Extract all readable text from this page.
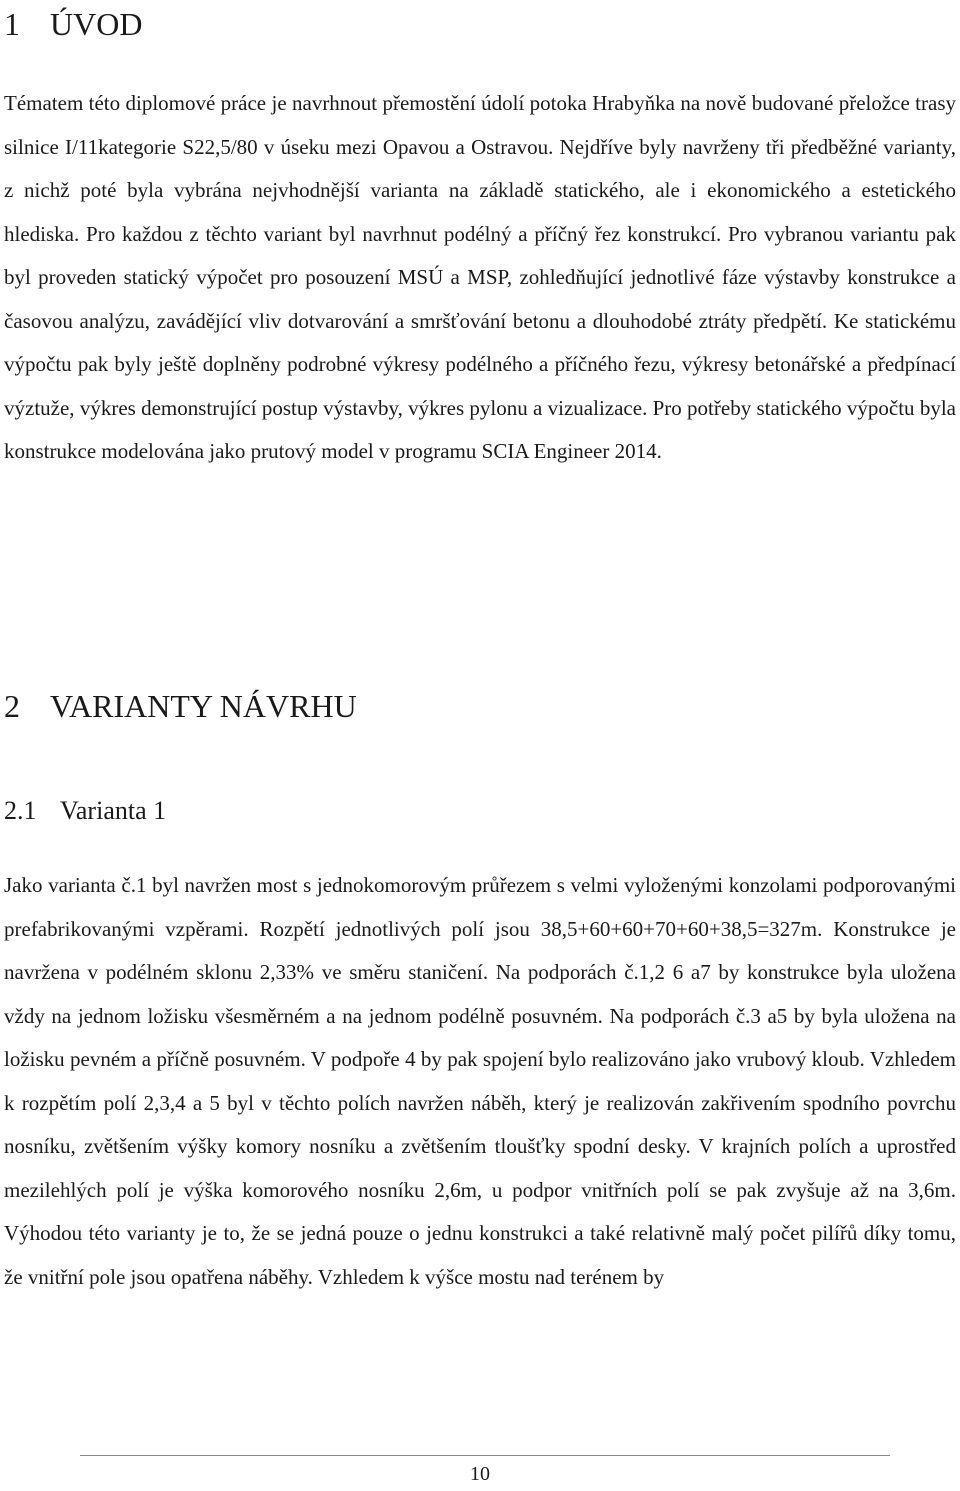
1 ÚVOD

Tématem této diplomové práce je navrhnout přemostění údolí potoka Hrabyňka na nově budované přeložce trasy silnice I/11kategorie S22,5/80 v úseku mezi Opavou a Ostravou. Nejdříve byly navrženy tři předběžné varianty, z nichž poté byla vybrána nejvhodnější varianta na základě statického, ale i ekonomického a estetického hlediska. Pro každou z těchto variant byl navrhnut podélný a příčný řez konstrukcí. Pro vybranou variantu pak byl proveden statický výpočet pro posouzení MSÚ a MSP, zohledňující jednotlivé fáze výstavby konstrukce a časovou analýzu, zavádějící vliv dotvarování a smršťování betonu a dlouhodobé ztráty předpětí. Ke statickému výpočtu pak byly ještě doplněny podrobné výkresy podélného a příčného řezu, výkresy betonářské a předpínací výztuže, výkres demonstrující postup výstavby, výkres pylonu a vizualizace. Pro potřeby statického výpočtu byla konstrukce modelována jako prutový model v programu SCIA Engineer 2014.

2 VARIANTY NÁVRHU
2.1 Varianta 1

Jako varianta č.1 byl navržen most s jednokomorovým průřezem s velmi vyloženými konzolami podporovanými prefabrikovanými vzpěrami. Rozpětí jednotlivých polí jsou 38,5+60+60+70+60+38,5=327m. Konstrukce je navržena v podélném sklonu 2,33% ve směru staničení. Na podporách č.1,2 6 a7 by konstrukce byla uložena vždy na jednom ložisku všesměrném a na jednom podélně posuvném. Na podporách č.3 a5 by byla uložena na ložisku pevném a příčně posuvném. V podpoře 4 by pak spojení bylo realizováno jako vrubový kloub. Vzhledem k rozpětím polí 2,3,4 a 5 byl v těchto polích navržen náběh, který je realizován zakřivením spodního povrchu nosníku, zvětšením výšky komory nosníku a zvětšením tloušťky spodní desky. V krajních polích a uprostřed mezilehlých polí je výška komorového nosníku 2,6m, u podpor vnitřních polí se pak zvyšuje až na 3,6m. Výhodou této varianty je to, že se jedná pouze o jednu konstrukci a také relativně malý počet pilířů díky tomu, že vnitřní pole jsou opatřena náběhy. Vzhledem k výšce mostu nad terénem by

10
